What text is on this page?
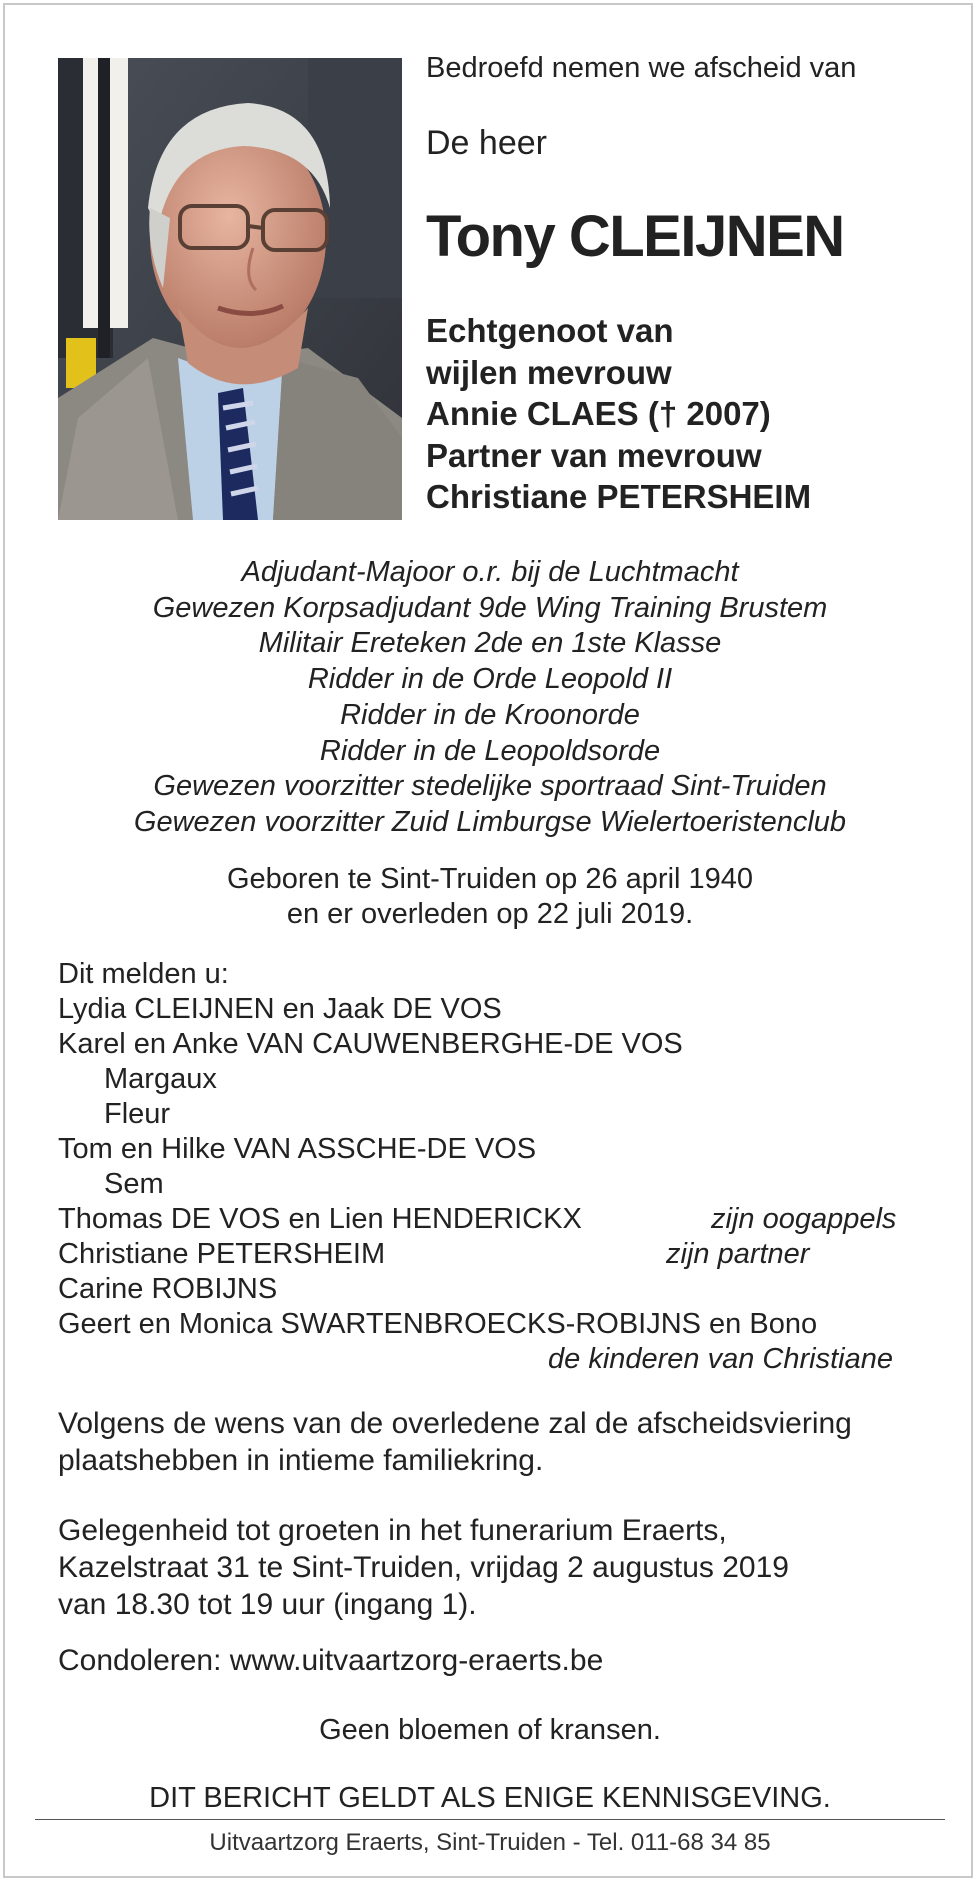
Bedroefd nemen we afscheid van
De heer
Tony CLEIJNEN
Echtgenoot van
wijlen mevrouw
Annie CLAES († 2007)
Partner van mevrouw
Christiane PETERSHEIM
Adjudant-Majoor o.r. bij de Luchtmacht
Gewezen Korpsadjudant 9de Wing Training Brustem
Militair Ereteken 2de en 1ste Klasse
Ridder in de Orde Leopold II
Ridder in de Kroonorde
Ridder in de Leopoldsorde
Gewezen voorzitter stedelijke sportraad Sint-Truiden
Gewezen voorzitter Zuid Limburgse Wielertoeristenclub
Geboren te Sint-Truiden op 26 april 1940
en er overleden op 22 juli 2019.
Dit melden u:
Lydia CLEIJNEN en Jaak DE VOS
Karel en Anke VAN CAUWENBERGHE-DE VOS
Margaux
Fleur
Tom en Hilke VAN ASSCHE-DE VOS
Sem
Thomas DE VOS en Lien HENDERICKX
Christiane PETERSHEIM
Carine ROBIJNS
Geert en Monica SWARTENBROECKS-ROBIJNS en Bono
zijn oogappels
zijn partner
de kinderen van Christiane
Volgens de wens van de overledene zal de afscheidsviering
plaatshebben in intieme familiekring.
Gelegenheid tot groeten in het funerarium Eraerts,
Kazelstraat 31 te Sint-Truiden, vrijdag 2 augustus 2019
van 18.30 tot 19 uur (ingang 1).
Condoleren: www.uitvaartzorg-eraerts.be
Geen bloemen of kransen.
DIT BERICHT GELDT ALS ENIGE KENNISGEVING.
Uitvaartzorg Eraerts, Sint-Truiden - Tel. 011-68 34 85
